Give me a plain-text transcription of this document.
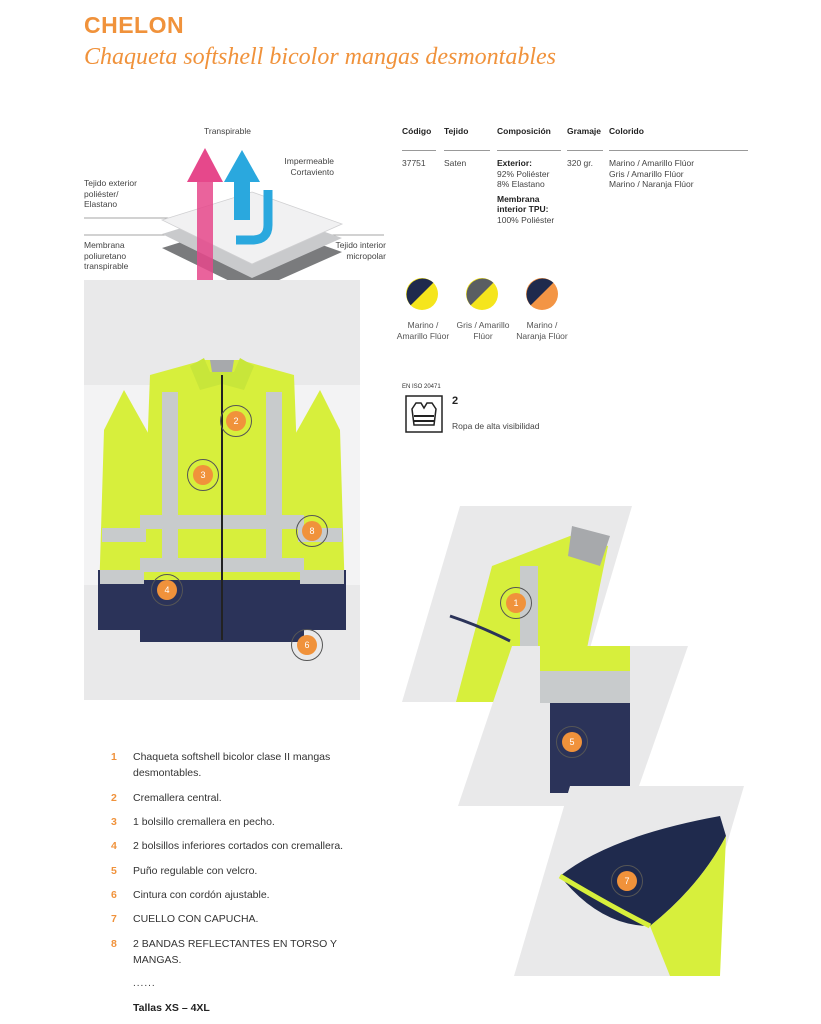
CHELON
Chaqueta softshell bicolor mangas desmontables
Transpirable
Impermeable Cortaviento
Tejido exterior poliéster/ Elastano
Membrana poliuretano transpirable
Tejido interior micropolar
Código Tejido	Composición Gramaje Colorido
37751 Saten	Exterior:
92% Poliéster
8% Elastano
Membrana interior TPU:
100% Poliéster
320 gr. Marino / Amarillo Flúor
Gris / Amarillo Flúor
Marino / Naranja Flúor
Marino / Amarillo Flúor
Gris / Amarillo Flúor
Marino / Naranja Flúor
EN ISO 20471
2
Ropa de alta visibilidad
2
3
8
4
6
1
5
7
1 Chaqueta softshell bicolor clase II mangas desmontables.
2 Cremallera central.
3 1 bolsillo cremallera en pecho.
4 2 bolsillos inferiores cortados con cremallera.
5 Puño regulable con velcro.
6 Cintura con cordón ajustable.
7 CUELLO CON CAPUCHA.
8 2 BANDAS REFLECTANTES EN TORSO Y MANGAS.
......
Tallas XS – 4XL
